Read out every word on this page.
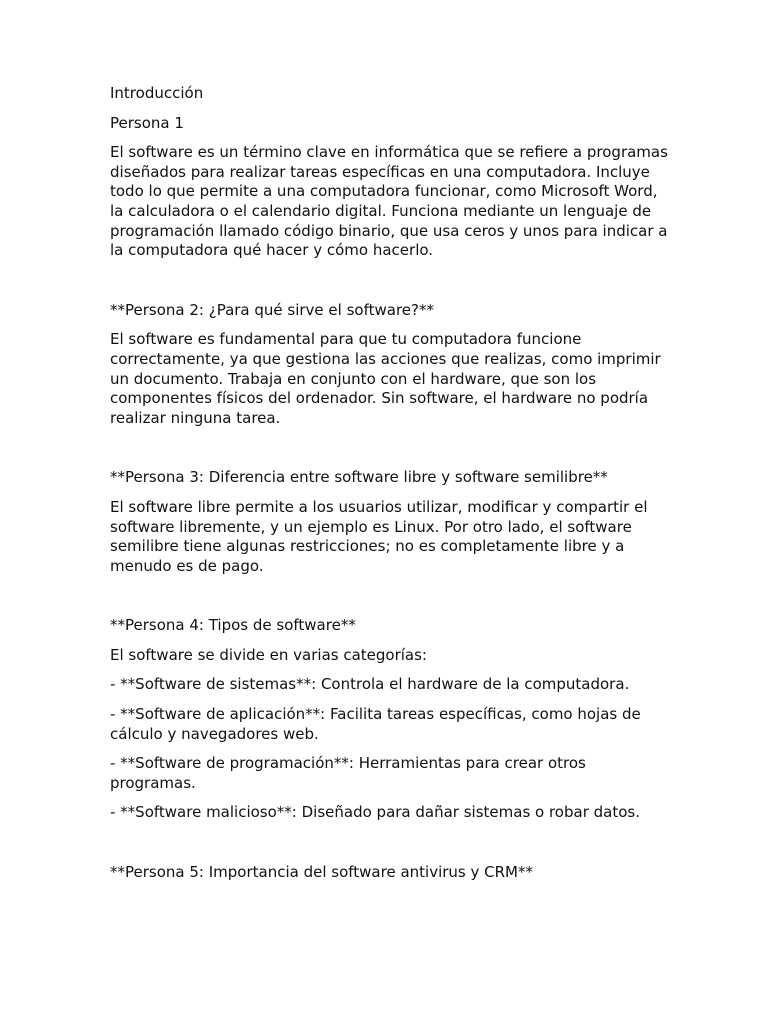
Introducción

Persona 1

El software es un término clave en informática que se refiere a programas diseñados para realizar tareas específicas en una computadora. Incluye todo lo que permite a una computadora funcionar, como Microsoft Word, la calculadora o el calendario digital. Funciona mediante un lenguaje de programación llamado código binario, que usa ceros y unos para indicar a la computadora qué hacer y cómo hacerlo.

**Persona 2: ¿Para qué sirve el software?**

El software es fundamental para que tu computadora funcione correctamente, ya que gestiona las acciones que realizas, como imprimir un documento. Trabaja en conjunto con el hardware, que son los componentes físicos del ordenador. Sin software, el hardware no podría realizar ninguna tarea.

**Persona 3: Diferencia entre software libre y software semilibre**

El software libre permite a los usuarios utilizar, modificar y compartir el software libremente, y un ejemplo es Linux. Por otro lado, el software semilibre tiene algunas restricciones; no es completamente libre y a menudo es de pago.

**Persona 4: Tipos de software**

El software se divide en varias categorías:

- **Software de sistemas**: Controla el hardware de la computadora.

- **Software de aplicación**: Facilita tareas específicas, como hojas de cálculo y navegadores web.

- **Software de programación**: Herramientas para crear otros programas.

- **Software malicioso**: Diseñado para dañar sistemas o robar datos.

**Persona 5: Importancia del software antivirus y CRM**
